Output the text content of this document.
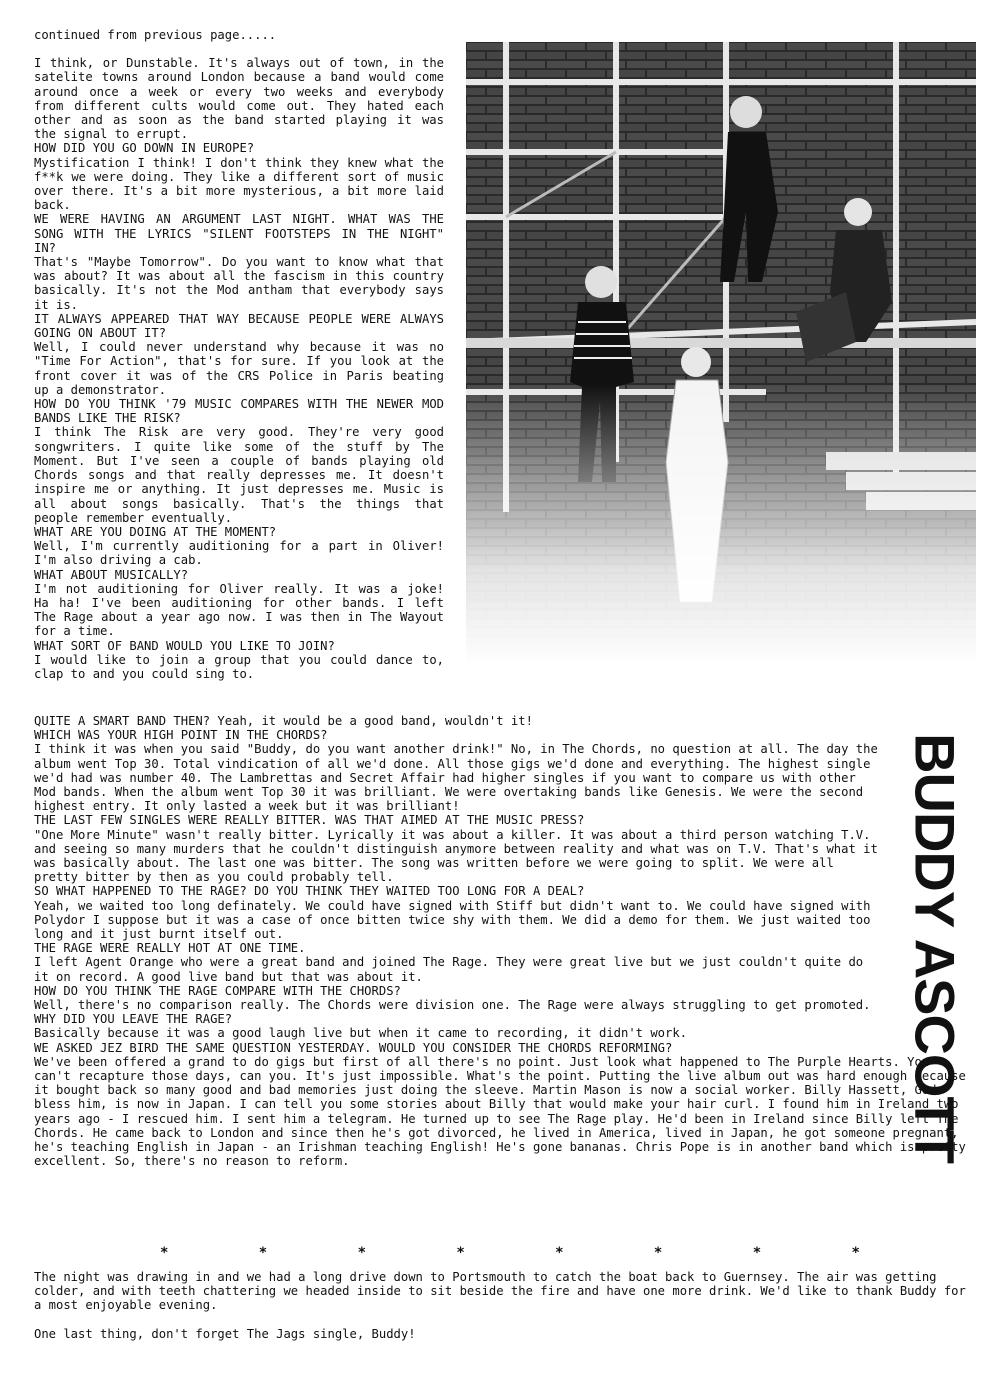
continued from previous page.....

I think, or Dunstable. It's always out of town, in the satelite towns around London because a band would come around once a week or every two weeks and everybody from different cults would come out. They hated each other and as soon as the band started playing it was the signal to errupt.

HOW DID YOU GO DOWN IN EUROPE?

Mystification I think! I don't think they knew what the f**k we were doing. They like a different sort of music over there. It's a bit more mysterious, a bit more laid back.

WE WERE HAVING AN ARGUMENT LAST NIGHT. WHAT WAS THE SONG WITH THE LYRICS "SILENT FOOTSTEPS IN THE NIGHT" IN?

That's "Maybe Tomorrow". Do you want to know what that was about? It was about all the fascism in this country basically. It's not the Mod antham that everybody says it is.

IT ALWAYS APPEARED THAT WAY BECAUSE PEOPLE WERE ALWAYS GOING ON ABOUT IT?

Well, I could never understand why because it was no "Time For Action", that's for sure. If you look at the front cover it was of the CRS Police in Paris beating up a demonstrator.

HOW DO YOU THINK '79 MUSIC COMPARES WITH THE NEWER MOD BANDS LIKE THE RISK?

I think The Risk are very good. They're very good songwriters. I quite like some of the stuff by The Moment. But I've seen a couple of bands playing old Chords songs and that really depresses me. It doesn't inspire me or anything. It just depresses me. Music is all about songs basically. That's the things that people remember eventually.

WHAT ARE YOU DOING AT THE MOMENT?

Well, I'm currently auditioning for a part in Oliver! I'm also driving a cab.

WHAT ABOUT MUSICALLY?

I'm not auditioning for Oliver really. It was a joke! Ha ha! I've been auditioning for other bands. I left The Rage about a year ago now. I was then in The Wayout for a time.

WHAT SORT OF BAND WOULD YOU LIKE TO JOIN?

I would like to join a group that you could dance to, clap to and you could sing to.

QUITE A SMART BAND THEN? Yeah, it would be a good band, wouldn't it!

WHICH WAS YOUR HIGH POINT IN THE CHORDS?

I think it was when you said "Buddy, do you want another drink!" No, in The Chords, no question at all. The day the album went Top 30. Total vindication of all we'd done. All those gigs we'd done and everything. The highest single we'd had was number 40. The Lambrettas and Secret Affair had higher singles if you want to compare us with other Mod bands. When the album went Top 30 it was brilliant. We were overtaking bands like Genesis. We were the second highest entry. It only lasted a week but it was brilliant!

THE LAST FEW SINGLES WERE REALLY BITTER. WAS THAT AIMED AT THE MUSIC PRESS?

"One More Minute" wasn't really bitter. Lyrically it was about a killer. It was about a third person watching T.V. and seeing so many murders that he couldn't distinguish anymore between reality and what was on T.V. That's what it was basically about. The last one was bitter. The song was written before we were going to split. We were all pretty bitter by then as you could probably tell.

SO WHAT HAPPENED TO THE RAGE? DO YOU THINK THEY WAITED TOO LONG FOR A DEAL?

Yeah, we waited too long definately. We could have signed with Stiff but didn't want to. We could have signed with Polydor I suppose but it was a case of once bitten twice shy with them. We did a demo for them. We just waited too long and it just burnt itself out.

THE RAGE WERE REALLY HOT AT ONE TIME.

I left Agent Orange who were a great band and joined The Rage. They were great live but we just couldn't quite do it on record. A good live band but that was about it.

HOW DO YOU THINK THE RAGE COMPARE WITH THE CHORDS?

Well, there's no comparison really. The Chords were division one. The Rage were always struggling to get promoted.

WHY DID YOU LEAVE THE RAGE?

Basically because it was a good laugh live but when it came to recording, it didn't work.

WE ASKED JEZ BIRD THE SAME QUESTION YESTERDAY. WOULD YOU CONSIDER THE CHORDS REFORMING?

We've been offered a grand to do gigs but first of all there's no point. Just look what happened to The Purple Hearts. You can't recapture those days, can you. It's just impossible. What's the point. Putting the live album out was hard enough because it bought back so many good and bad memories just doing the sleeve. Martin Mason is now a social worker. Billy Hassett, God bless him, is now in Japan. I can tell you some stories about Billy that would make your hair curl. I found him in Ireland two years ago - I rescued him. I sent him a telegram. He turned up to see The Rage play. He'd been in Ireland since Billy left The Chords. He came back to London and since then he's got divorced, he lived in America, lived in Japan, he got someone pregnant, he's teaching English in Japan - an Irishman teaching English! He's gone bananas. Chris Pope is in another band which is pretty excellent. So, there's no reason to reform.	BUDDY ASCOTT
*	*	*	*	*	*	*	*

The night was drawing in and we had a long drive down to Portsmouth to catch the boat back to Guernsey. The air was getting colder, and with teeth chattering we headed inside to sit beside the fire and have one more drink. We'd like to thank Buddy for a most enjoyable evening.

One last thing, don't forget The Jags single, Buddy!
